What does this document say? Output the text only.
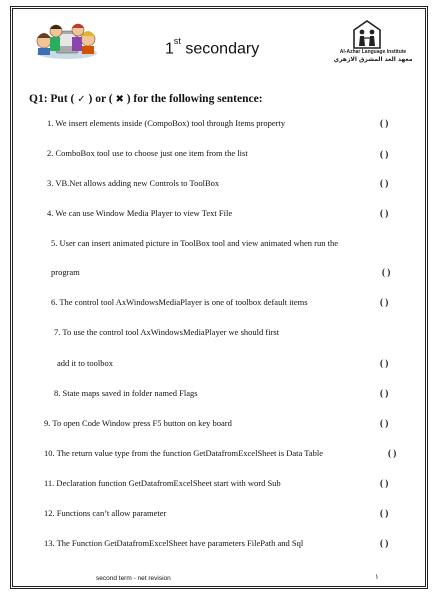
1st secondary	Al-Azhar Language Institute
معهد الغد المشرق الازهري
Q1: Put ( ✓ ) or ( ✖ ) for the following sentence:
1. We insert elements inside (CompoBox) tool through Items property	( )
2. ComboBox tool use to choose just one item from the list	( )
3. VB.Net allows adding new Controls to ToolBox	( )
4. We can use Window Media Player to view Text File	( )
5. User can insert animated picture in ToolBox tool and view animated when run the
program	( )
6. The control tool AxWindowsMediaPlayer is one of toolbox default items	( )
7. To use the control tool AxWindowsMediaPlayer we should first
add it to toolbox	( )
8. State maps saved in folder named Flags	( )
9. To open Code Window press F5 button on key board	( )
10. The return value type from the function GetDatafromExcelSheet is Data Table	( )
11. Declaration function GetDatafromExcelSheet start with word Sub	( )
12. Functions can’t allow parameter	( )
13. The Function GetDatafromExcelSheet have parameters FilePath and Sql	( )
second term - net revision	١
